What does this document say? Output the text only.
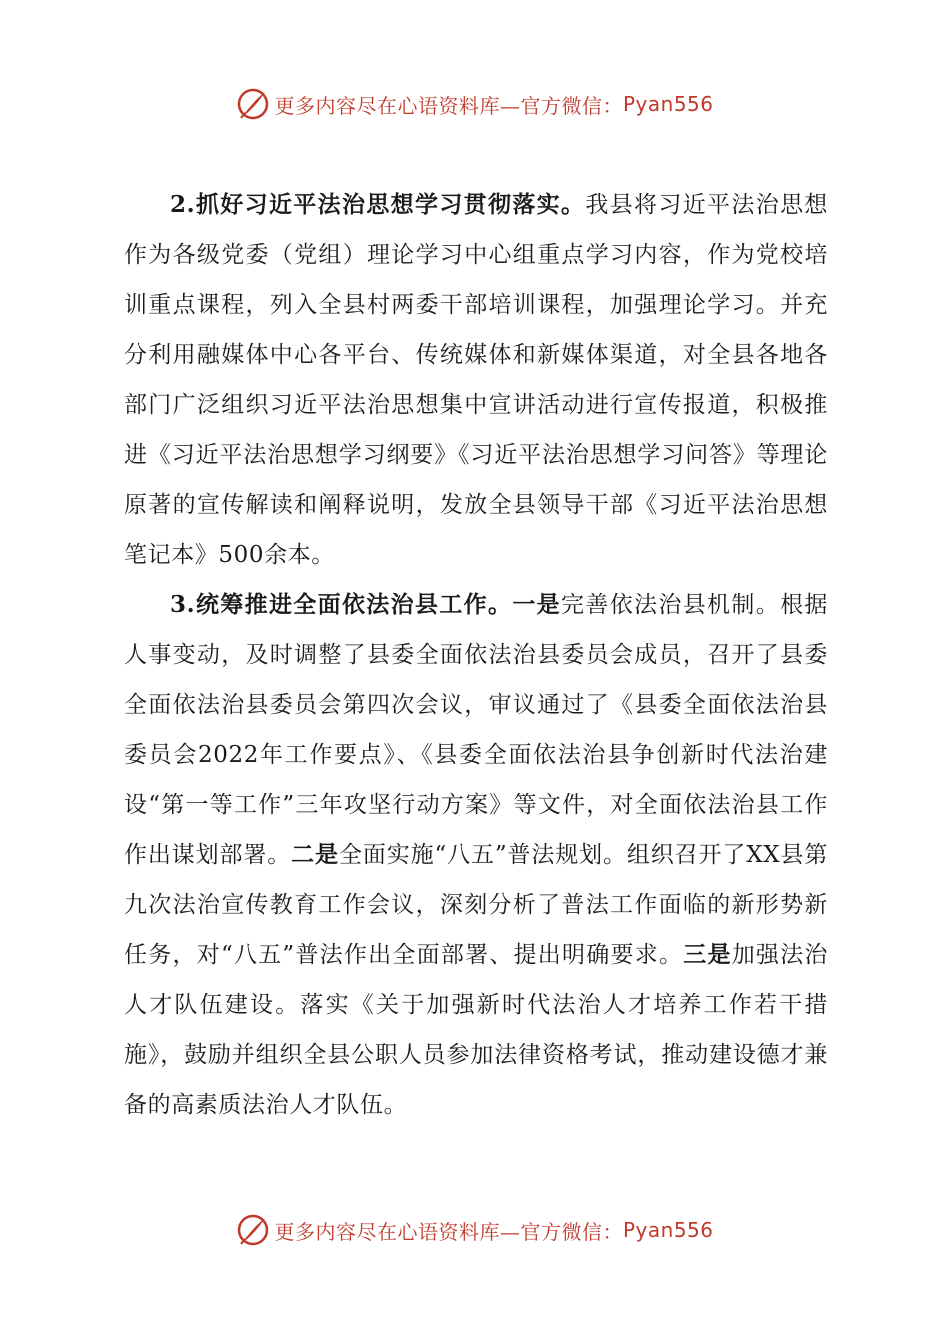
更多内容尽在心语资料库—官方微信： Pyan556

2.抓好习近平法治思想学习贯彻落实。我县将习近平法治思想作为各级党委（党组）理论学习中心组重点学习内容，作为党校培训重点课程，列入全县村两委干部培训课程，加强理论学习。并充分利用融媒体中心各平台、传统媒体和新媒体渠道，对全县各地各部门广泛组织习近平法治思想集中宣讲活动进行宣传报道，积极推进《习近平法治思想学习纲要》《习近平法治思想学习问答》等理论原著的宣传解读和阐释说明，发放全县领导干部《习近平法治思想笔记本》500余本。

3.统筹推进全面依法治县工作。一是完善依法治县机制。根据人事变动，及时调整了县委全面依法治县委员会成员，召开了县委全面依法治县委员会第四次会议，审议通过了《县委全面依法治县委员会2022年工作要点》、《县委全面依法治县争创新时代法治建设“第一等工作”三年攻坚行动方案》等文件，对全面依法治县工作作出谋划部署。二是全面实施“八五”普法规划。组织召开了XX县第九次法治宣传教育工作会议，深刻分析了普法工作面临的新形势新任务，对“八五”普法作出全面部署、提出明确要求。三是加强法治人才队伍建设。落实《关于加强新时代法治人才培养工作若干措施》，鼓励并组织全县公职人员参加法律资格考试，推动建设德才兼备的高素质法治人才队伍。

更多内容尽在心语资料库—官方微信： Pyan556
